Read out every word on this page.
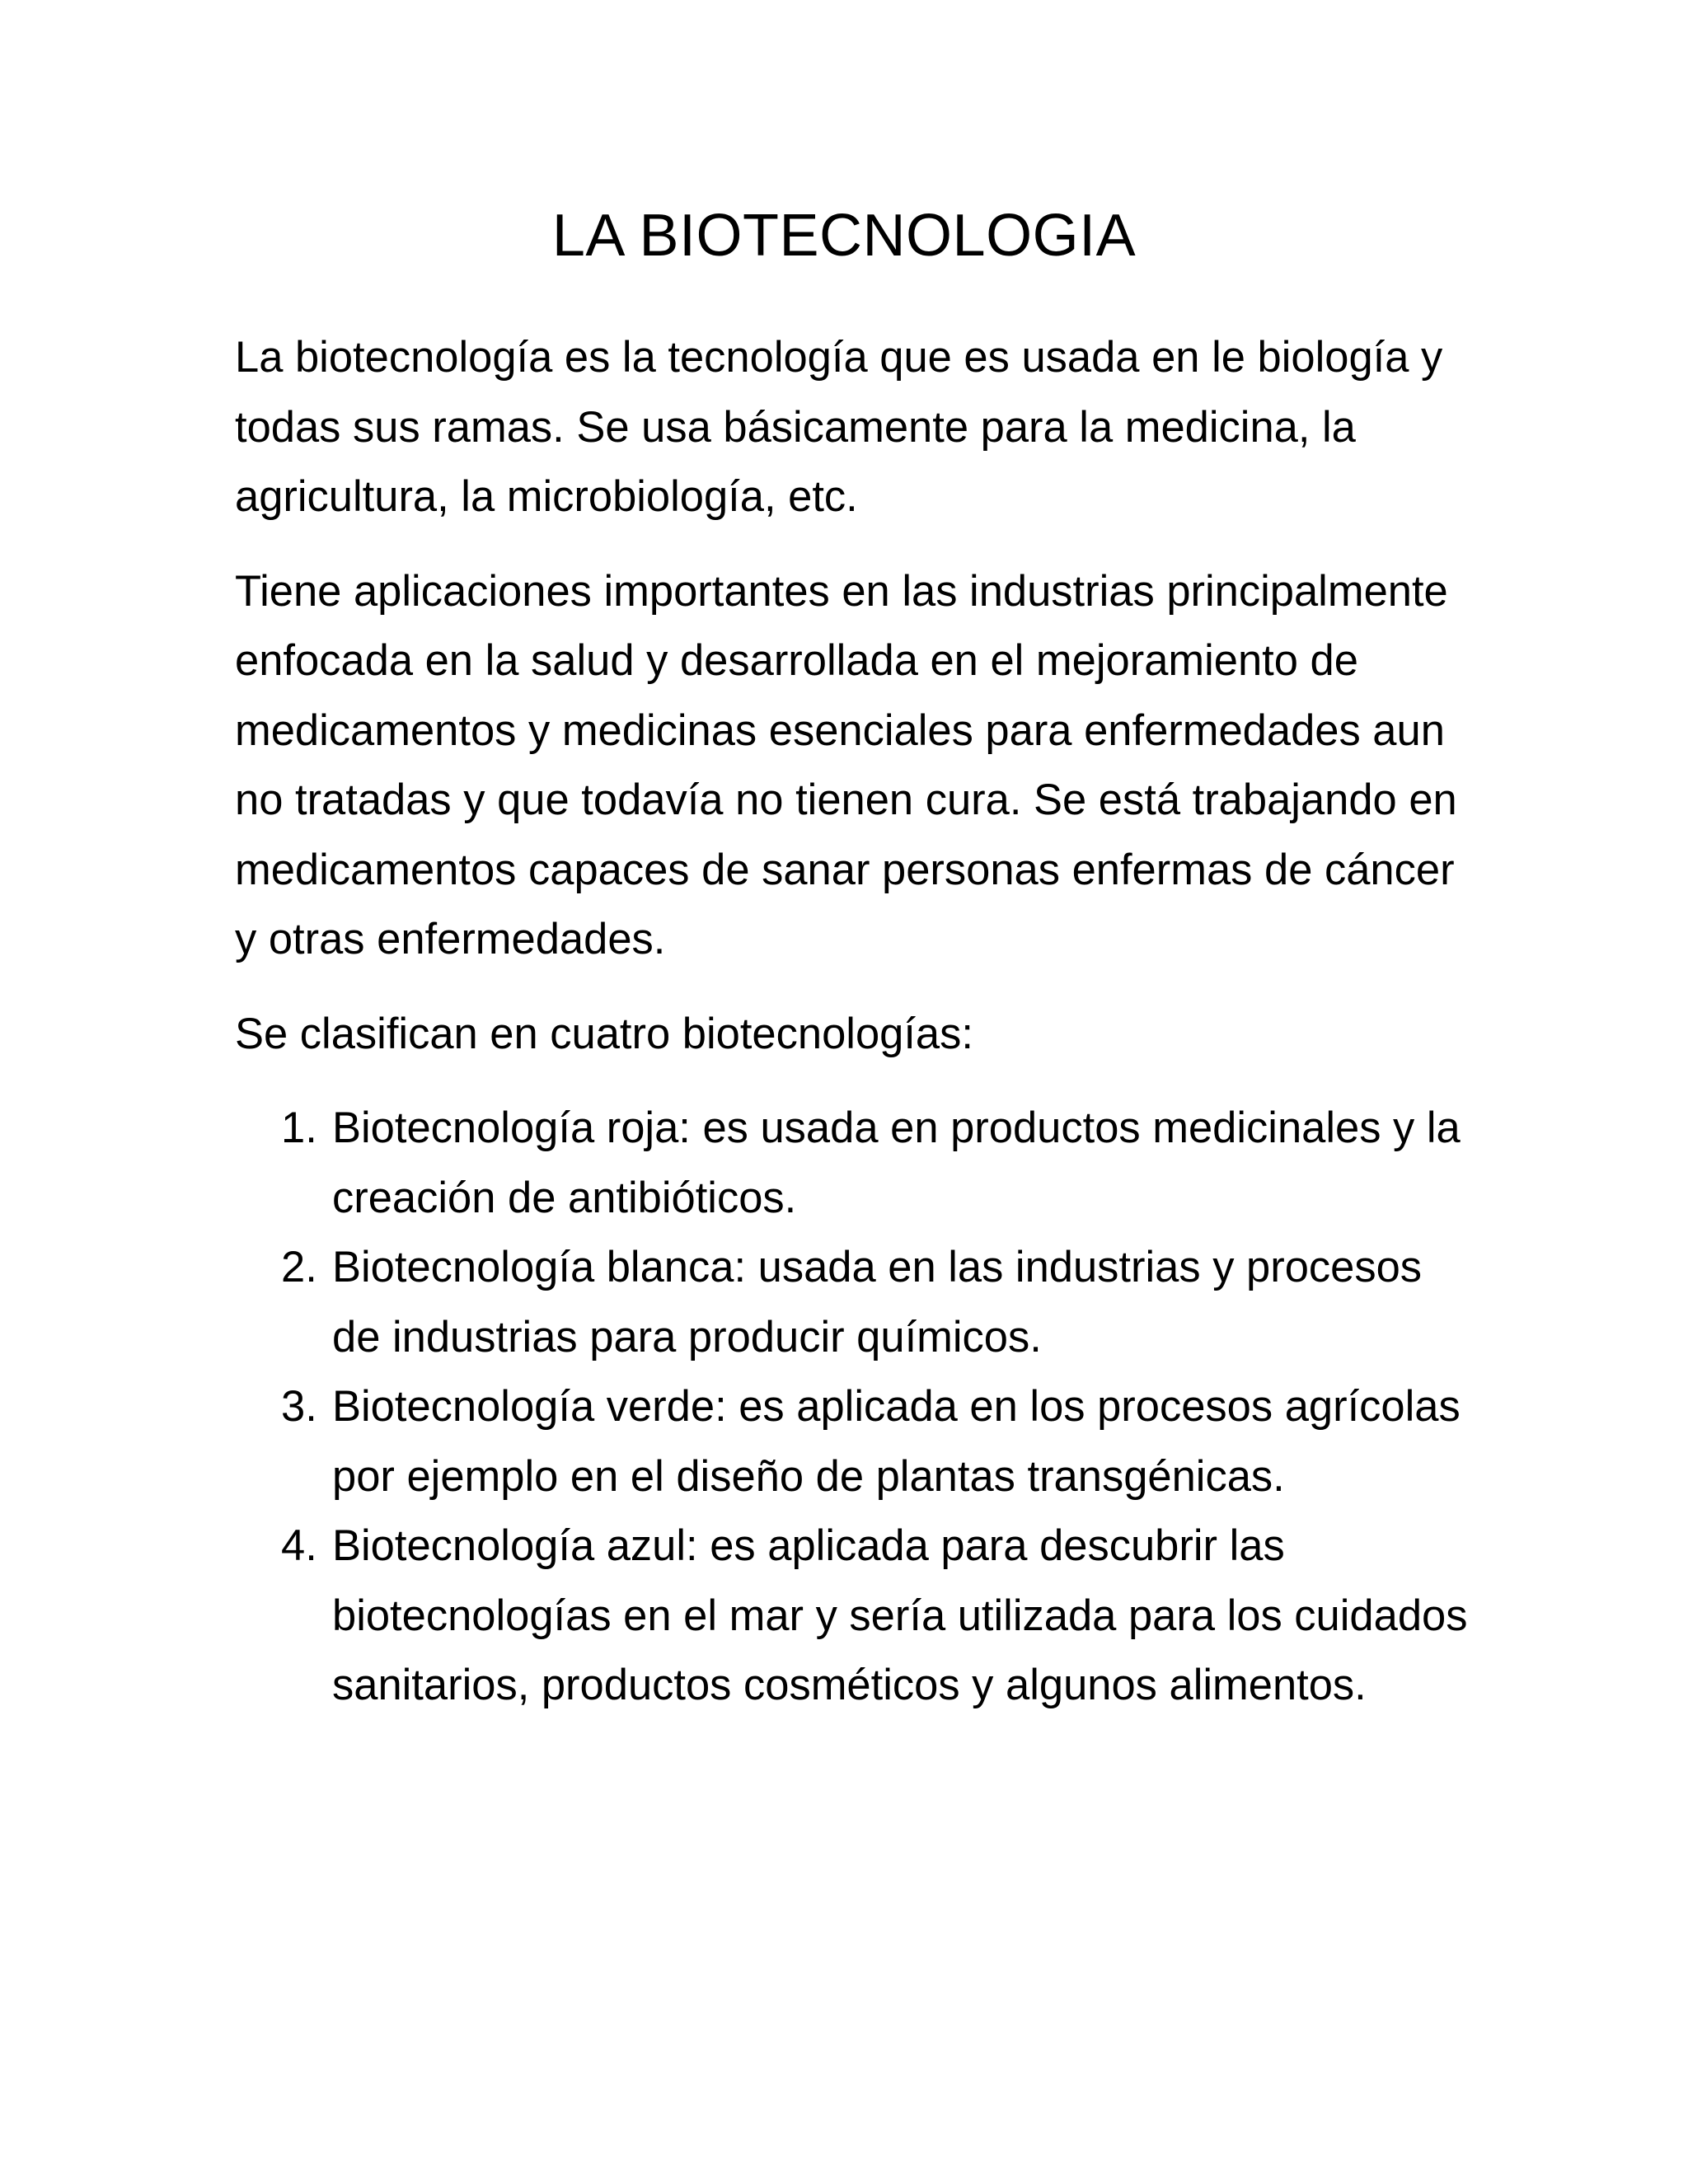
LA BIOTECNOLOGIA

La biotecnología es la tecnología que es usada en le biología y todas sus ramas. Se usa básicamente para la medicina, la agricultura, la microbiología, etc.

Tiene aplicaciones importantes en las industrias principalmente enfocada en la salud y desarrollada en el mejoramiento de medicamentos y medicinas esenciales para enfermedades aun no tratadas y que todavía no tienen cura. Se está trabajando en medicamentos capaces de sanar personas enfermas de cáncer y otras enfermedades.

Se clasifican en cuatro biotecnologías:

1. Biotecnología roja: es usada en productos medicinales y la creación de antibióticos.
2. Biotecnología blanca: usada en las industrias y procesos de industrias para producir químicos.
3. Biotecnología verde: es aplicada en los procesos agrícolas por ejemplo en el diseño de plantas transgénicas.
4. Biotecnología azul: es aplicada para descubrir las biotecnologías en el mar y sería utilizada para los cuidados sanitarios, productos cosméticos y algunos alimentos.
